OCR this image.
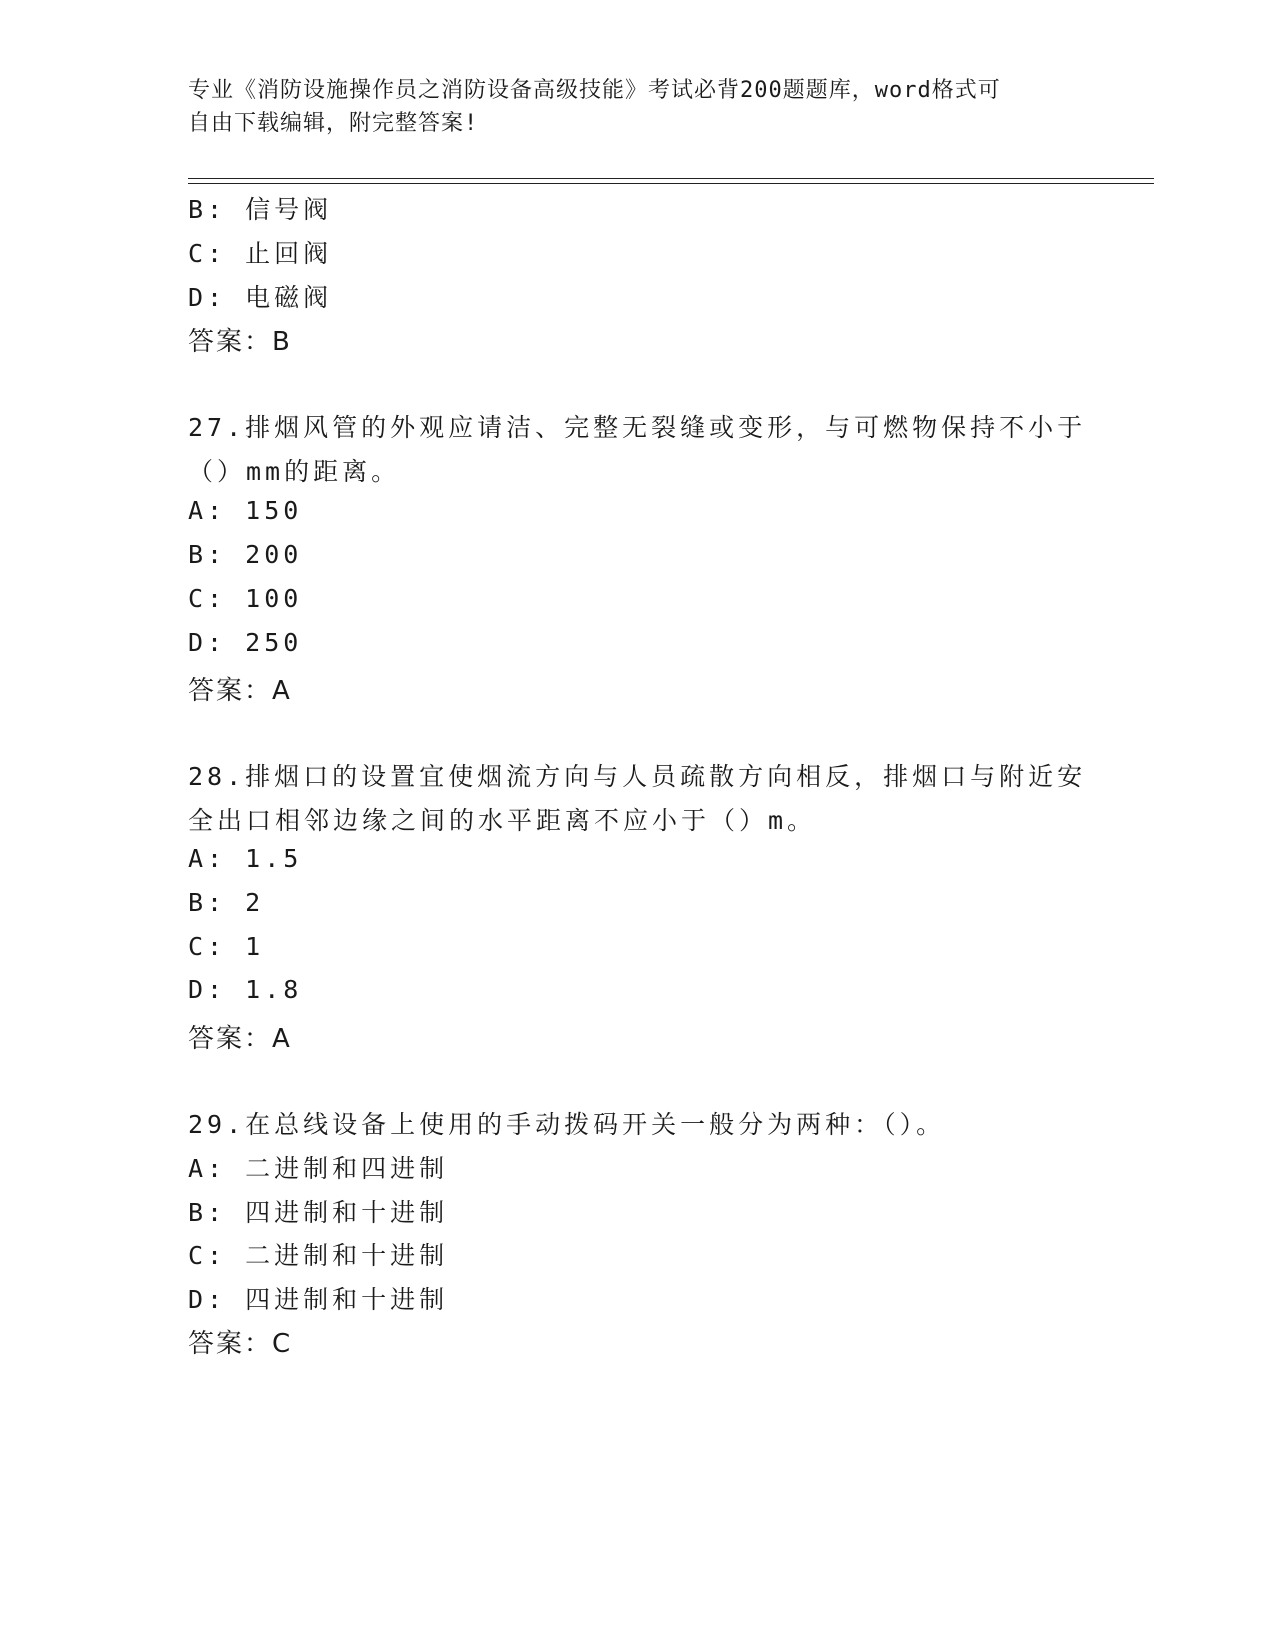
专业《消防设施操作员之消防设备高级技能》考试必背200题题库，word格式可
自由下载编辑，附完整答案!
B: 信号阀
C: 止回阀
D: 电磁阀
答案：B
27.排烟风管的外观应请洁、完整无裂缝或变形，与可燃物保持不小于
（）mm的距离。
A: 150
B: 200
C: 100
D: 250
答案：A
28.排烟口的设置宜使烟流方向与人员疏散方向相反，排烟口与附近安
全出口相邻边缘之间的水平距离不应小于（）m。
A: 1.5
B: 2
C: 1
D: 1.8
答案：A
29.在总线设备上使用的手动拨码开关一般分为两种：（）。
A: 二进制和四进制
B: 四进制和十进制
C: 二进制和十进制
D: 四进制和十进制
答案：C
